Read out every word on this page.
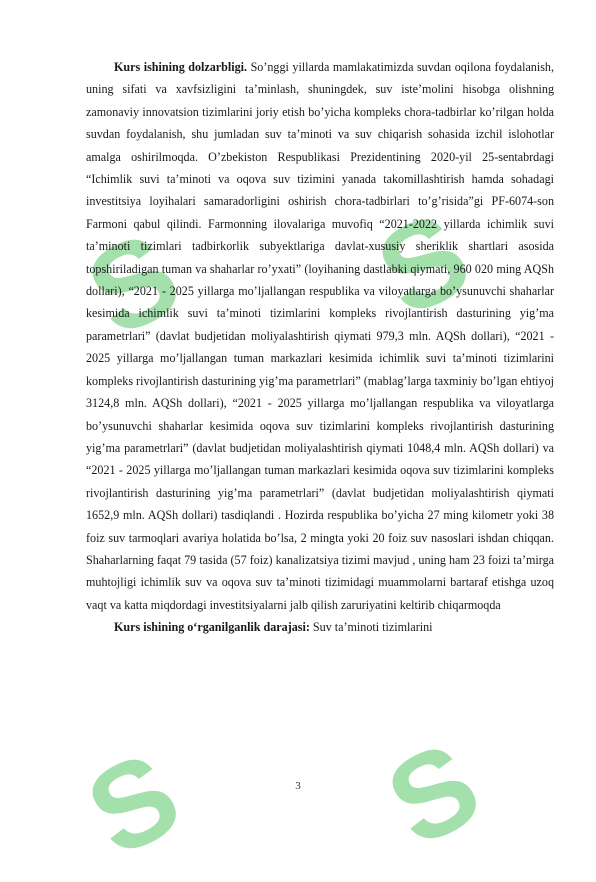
S S
S S

Kurs ishining dolzarbligi. So’nggi yillarda mamlakatimizda suvdan oqilona foydalanish, uning sifati va xavfsizligini ta’minlash, shuningdek, suv iste’molini hisobga olishning zamonaviy innovatsion tizimlarini joriy etish bo’yicha kompleks chora-tadbirlar ko’rilgan holda suvdan foydalanish, shu jumladan suv ta’minoti va suv chiqarish sohasida izchil islohotlar amalga oshirilmoqda. O’zbekiston Respublikasi Prezidentining 2020-yil 25-sentabrdagi “Ichimlik suvi ta’minoti va oqova suv tizimini yanada takomillashtirish hamda sohadagi investitsiya loyihalari samaradorligini oshirish chora-tadbirlari to’g’risida”gi PF-6074-son Farmoni qabul qilindi. Farmonning ilovalariga muvofiq “2021-2022 yillarda ichimlik suvi ta’minoti tizimlari tadbirkorlik subyektlariga davlat-xususiy sheriklik shartlari asosida topshiriladigan tuman va shaharlar ro’yxati” (loyihaning dastlabki qiymati, 960 020 ming AQSh dollari), “2021 - 2025 yillarga mo’ljallangan respublika va viloyatlarga bo’ysunuvchi shaharlar kesimida ichimlik suvi ta’minoti tizimlarini kompleks rivojlantirish dasturining yig’ma parametrlari” (davlat budjetidan moliyalashtirish qiymati 979,3 mln. AQSh dollari), “2021 - 2025 yillarga mo’ljallangan tuman markazlari kesimida ichimlik suvi ta’minoti tizimlarini kompleks rivojlantirish dasturining yig’ma parametrlari” (mablag’larga taxminiy bo’lgan ehtiyoj 3124,8 mln. AQSh dollari), “2021 - 2025 yillarga mo’ljallangan respublika va viloyatlarga bo’ysunuvchi shaharlar kesimida oqova suv tizimlarini kompleks rivojlantirish dasturining yig’ma parametrlari” (davlat budjetidan moliyalashtirish qiymati 1048,4 mln. AQSh dollari) va “2021 - 2025 yillarga mo’ljallangan tuman markazlari kesimida oqova suv tizimlarini kompleks rivojlantirish dasturining yig’ma parametrlari” (davlat budjetidan moliyalashtirish qiymati 1652,9 mln. AQSh dollari) tasdiqlandi . Hozirda respublika bo’yicha 27 ming kilometr yoki 38 foiz suv tarmoqlari avariya holatida bo’lsa, 2 mingta yoki 20 foiz suv nasoslari ishdan chiqqan. Shaharlarning faqat 79 tasida (57 foiz) kanalizatsiya tizimi mavjud , uning ham 23 foizi ta’mirga muhtojligi ichimlik suv va oqova suv ta’minoti tizimidagi muammolarni bartaraf etishga uzoq vaqt va katta miqdordagi investitsiyalarni jalb qilish zaruriyatini keltirib chiqarmoqda

Kurs ishining o‘rganilganlik darajasi: Suv ta’minoti tizimlarini

3
